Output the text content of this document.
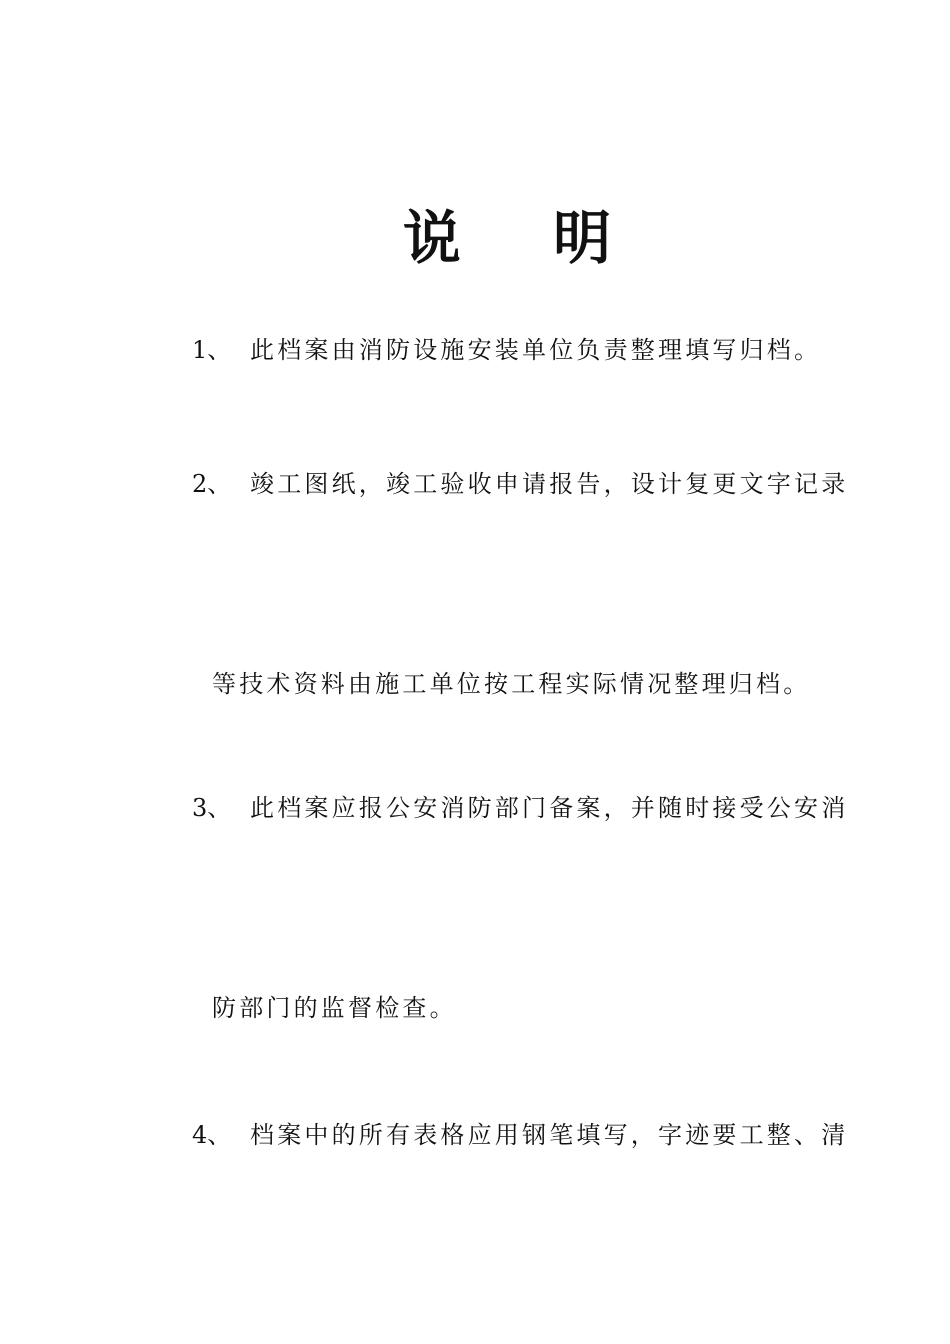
说 明
1、 此档案由消防设施安装单位负责整理填写归档。
2、 竣工图纸，竣工验收申请报告，设计复更文字记录
等技术资料由施工单位按工程实际情况整理归档。
3、 此档案应报公安消防部门备案，并随时接受公安消
防部门的监督检查。
4、 档案中的所有表格应用钢笔填写，字迹要工整、清
